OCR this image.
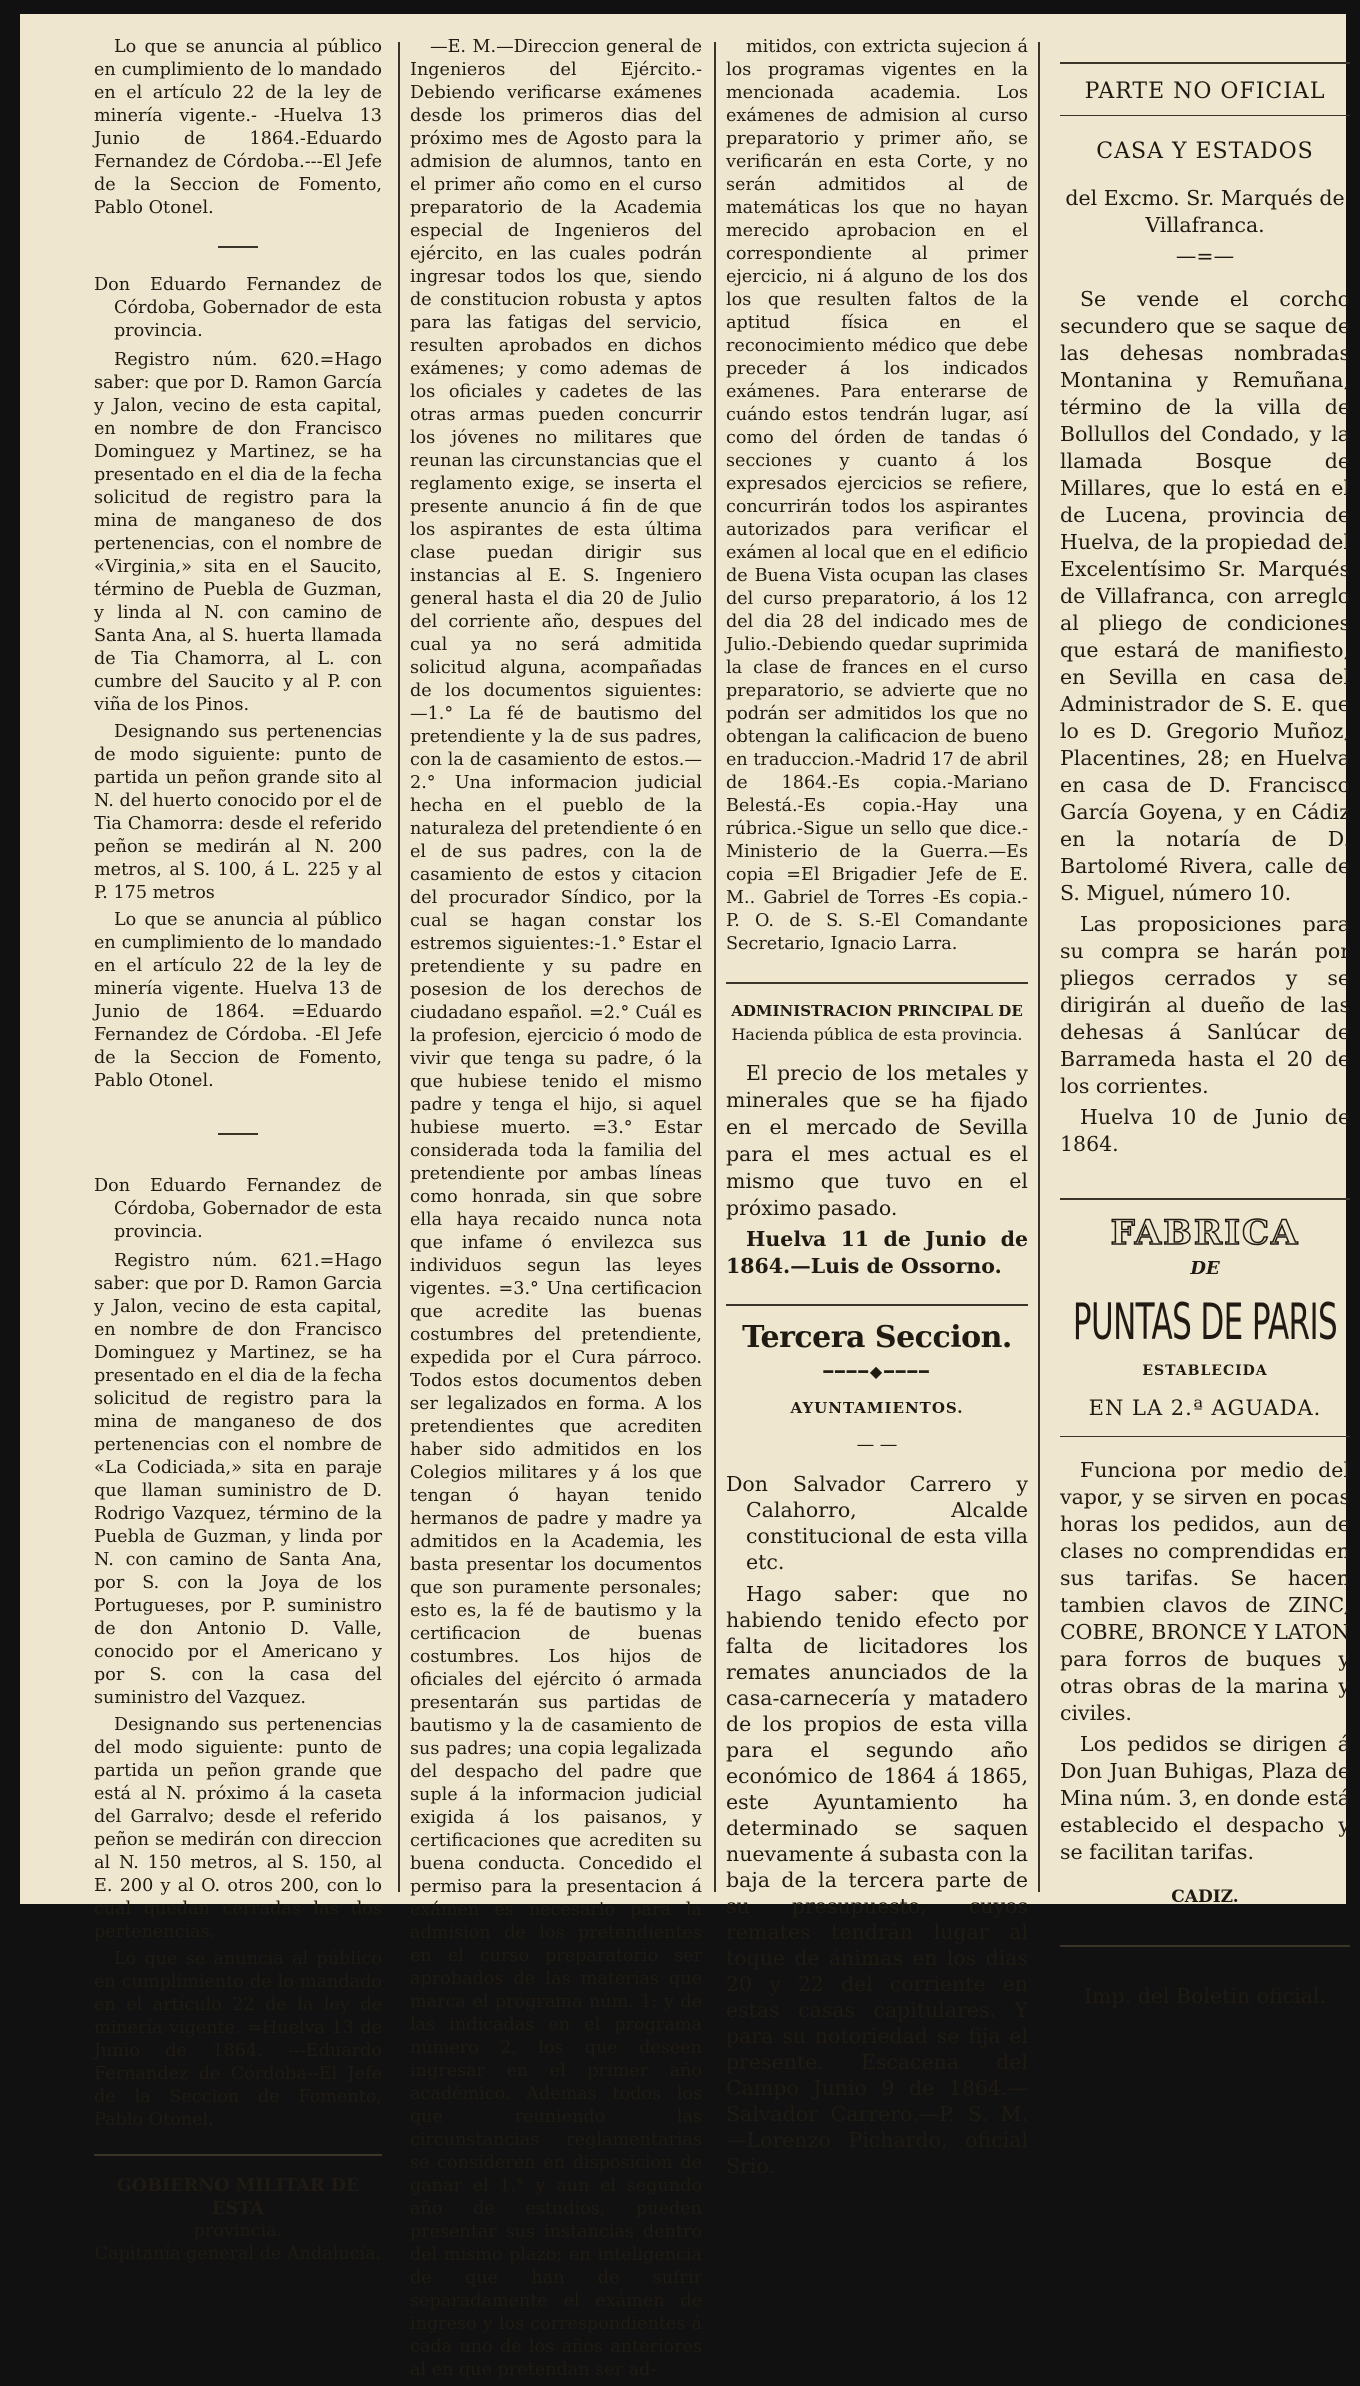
Lo que se anuncia al público en cumplimiento de lo mandado en el artículo 22 de la ley de minería vigente.- -Huelva 13 Junio de 1864.-Eduardo Fernandez de Córdoba.---El Jefe de la Seccion de Fomento, Pablo Otonel.

Don Eduardo Fernandez de Córdoba, Gobernador de esta provincia.

Registro núm. 620.=Hago saber: que por D. Ramon García y Jalon, vecino de esta capital, en nombre de don Francisco Dominguez y Martinez, se ha presentado en el dia de la fecha solicitud de registro para la mina de manganeso de dos pertenencias, con el nombre de «Virginia,» sita en el Saucito, término de Puebla de Guzman, y linda al N. con camino de Santa Ana, al S. huerta llamada de Tia Chamorra, al L. con cumbre del Saucito y al P. con viña de los Pinos.

Designando sus pertenencias de modo siguiente: punto de partida un peñon grande sito al N. del huerto conocido por el de Tia Chamorra: desde el referido peñon se medirán al N. 200 metros, al S. 100, á L. 225 y al P. 175 metros

Lo que se anuncia al público en cumplimiento de lo mandado en el artículo 22 de la ley de minería vigente. Huelva 13 de Junio de 1864. =Eduardo Fernandez de Córdoba. -El Jefe de la Seccion de Fomento, Pablo Otonel.

Don Eduardo Fernandez de Córdoba, Gobernador de esta provincia.

Registro núm. 621.=Hago saber: que por D. Ramon Garcia y Jalon, vecino de esta capital, en nombre de don Francisco Dominguez y Martinez, se ha presentado en el dia de la fecha solicitud de registro para la mina de manganeso de dos pertenencias con el nombre de «La Codiciada,» sita en paraje que llaman suministro de D. Rodrigo Vazquez, término de la Puebla de Guzman, y linda por N. con camino de Santa Ana, por S. con la Joya de los Portugueses, por P. suministro de don Antonio D. Valle, conocido por el Americano y por S. con la casa del suministro del Vazquez.

Designando sus pertenencias del modo siguiente: punto de partida un peñon grande que está al N. próximo á la caseta del Garralvo; desde el referido peñon se medirán con direccion al N. 150 metros, al S. 150, al E. 200 y al O. otros 200, con lo cual quedan cerradas las dos pertenencias.

Lo que se anuncia al público en cumplimiento de lo mandado en el artículo 22 de la ley de minería vigente. =Huelva 13 de Junio de 1864. ---Eduardo Fernandez de Córdoba--El Jefe de la Seccion de Fomento, Pablo Otonel.

GOBIERNO MILITAR DE ESTA

provincia.

Capitanía general de Andalucía.

—E. M.—Direccion general de Ingenieros del Ejército.-Debiendo verificarse exámenes desde los primeros dias del próximo mes de Agosto para la admision de alumnos, tanto en el primer año como en el curso preparatorio de la Academia especial de Ingenieros del ejército, en las cuales podrán ingresar todos los que, siendo de constitucion robusta y aptos para las fatigas del servicio, resulten aprobados en dichos exámenes; y como ademas de los oficiales y cadetes de las otras armas pueden concurrir los jóvenes no militares que reunan las circunstancias que el reglamento exige, se inserta el presente anuncio á fin de que los aspirantes de esta última clase puedan dirigir sus instancias al E. S. Ingeniero general hasta el dia 20 de Julio del corriente año, despues del cual ya no será admitida solicitud alguna, acompañadas de los documentos siguientes: —1.° La fé de bautismo del pretendiente y la de sus padres, con la de casamiento de estos.—2.° Una informacion judicial hecha en el pueblo de la naturaleza del pretendiente ó en el de sus padres, con la de casamiento de estos y citacion del procurador Síndico, por la cual se hagan constar los estremos siguientes:-1.° Estar el pretendiente y su padre en posesion de los derechos de ciudadano español. =2.° Cuál es la profesion, ejercicio ó modo de vivir que tenga su padre, ó la que hubiese tenido el mismo padre y tenga el hijo, si aquel hubiese muerto. =3.° Estar considerada toda la familia del pretendiente por ambas líneas como honrada, sin que sobre ella haya recaido nunca nota que infame ó envilezca sus individuos segun las leyes vigentes. =3.° Una certificacion que acredite las buenas costumbres del pretendiente, expedida por el Cura párroco. Todos estos documentos deben ser legalizados en forma. A los pretendientes que acrediten haber sido admitidos en los Colegios militares y á los que tengan ó hayan tenido hermanos de padre y madre ya admitidos en la Academia, les basta presentar los documentos que son puramente personales; esto es, la fé de bautismo y la certificacion de buenas costumbres. Los hijos de oficiales del ejército ó armada presentarán sus partidas de bautismo y la de casamiento de sus padres; una copia legalizada del despacho del padre que suple á la informacion judicial exigida á los paisanos, y certificaciones que acrediten su buena conducta. Concedido el permiso para la presentacion á exámen es necesario para la admision de los pretendientes en el curso preparatorio ser aprobados de las materias que marca el programa núm. 1; y de las indicadas en el programa número 2, los que deseen ingresar en el primer año académico. Ademas todos los que reuniendo las circunstancias reglamentarias se consideren en disposicion de ganar el 1.° y aun el segundo año de estudios, pueden presentar sus instancias dentro del mismo plazo; en inteligencia de que han de sufrir separadamente el exámen de ingreso y los correspondientes á cada uno de los años anteriores al en que pretendan ser ad-

mitidos, con extricta sujecion á los programas vigentes en la mencionada academia. Los exámenes de admision al curso preparatorio y primer año, se verificarán en esta Corte, y no serán admitidos al de matemáticas los que no hayan merecido aprobacion en el correspondiente al primer ejercicio, ni á alguno de los dos los que resulten faltos de la aptitud física en el reconocimiento médico que debe preceder á los indicados exámenes. Para enterarse de cuándo estos tendrán lugar, así como del órden de tandas ó secciones y cuanto á los expresados ejercicios se refiere, concurrirán todos los aspirantes autorizados para verificar el exámen al local que en el edificio de Buena Vista ocupan las clases del curso preparatorio, á los 12 del dia 28 del indicado mes de Julio.-Debiendo quedar suprimida la clase de frances en el curso preparatorio, se advierte que no podrán ser admitidos los que no obtengan la calificacion de bueno en traduccion.-Madrid 17 de abril de 1864.-Es copia.-Mariano Belestá.-Es copia.-Hay una rúbrica.-Sigue un sello que dice.-Ministerio de la Guerra.—Es copia =El Brigadier Jefe de E. M.. Gabriel de Torres -Es copia.-P. O. de S. S.-El Comandante Secretario, Ignacio Larra.

ADMINISTRACION PRINCIPAL DE

Hacienda pública de esta provincia.

El precio de los metales y minerales que se ha fijado en el mercado de Sevilla para el mes actual es el mismo que tuvo en el próximo pasado.

Huelva 11 de Junio de 1864.—Luis de Ossorno.

Tercera Seccion.

━━━━◆━━━━

AYUNTAMIENTOS.

— —

Don Salvador Carrero y Calahorro, Alcalde constitucional de esta villa etc.

Hago saber: que no habiendo tenido efecto por falta de licitadores los remates anunciados de la casa-carnecería y matadero de los propios de esta villa para el segundo año económico de 1864 á 1865, este Ayuntamiento ha determinado se saquen nuevamente á subasta con la baja de la tercera parte de su presupuesto, cuyos remates tendrán lugar al toque de ánimas en los dias 20 y 22 del corriente en estas casas capitulares. Y para su notoriedad se fija el presente. Escacena del Campo Junio 9 de 1864.—Salvador Carrero.—P. S. M.—Lorenzo Pichardo, oficial Srio.

PARTE NO OFICIAL

CASA Y ESTADOS

del Excmo. Sr. Marqués de Villafranca.

—=—

Se vende el corcho secundero que se saque de las dehesas nombradas Montanina y Remuñana, término de la villa de Bollullos del Condado, y la llamada Bosque de Millares, que lo está en el de Lucena, provincia de Huelva, de la propiedad del Excelentísimo Sr. Marqués de Villafranca, con arreglo al pliego de condiciones que estará de manifiesto, en Sevilla en casa del Administrador de S. E. que lo es D. Gregorio Muñoz, Placentines, 28; en Huelva en casa de D. Francisco García Goyena, y en Cádiz en la notaría de D. Bartolomé Rivera, calle de S. Miguel, número 10.

Las proposiciones para su compra se harán por pliegos cerrados y se dirigirán al dueño de las dehesas á Sanlúcar de Barrameda hasta el 20 de los corrientes.

Huelva 10 de Junio de 1864.

FABRICA

DE

PUNTAS DE PARIS

ESTABLECIDA

EN LA 2.ª AGUADA.

Funciona por medio del vapor, y se sirven en pocas horas los pedidos, aun de clases no comprendidas en sus tarifas. Se hacen tambien clavos de ZINC, COBRE, BRONCE Y LATON para forros de buques y otras obras de la marina y civiles.

Los pedidos se dirigen á Don Juan Buhigas, Plaza de Mina núm. 3, en donde está establecido el despacho y se facilitan tarifas.

CADIZ.

Imp. del Boletin oficial.
